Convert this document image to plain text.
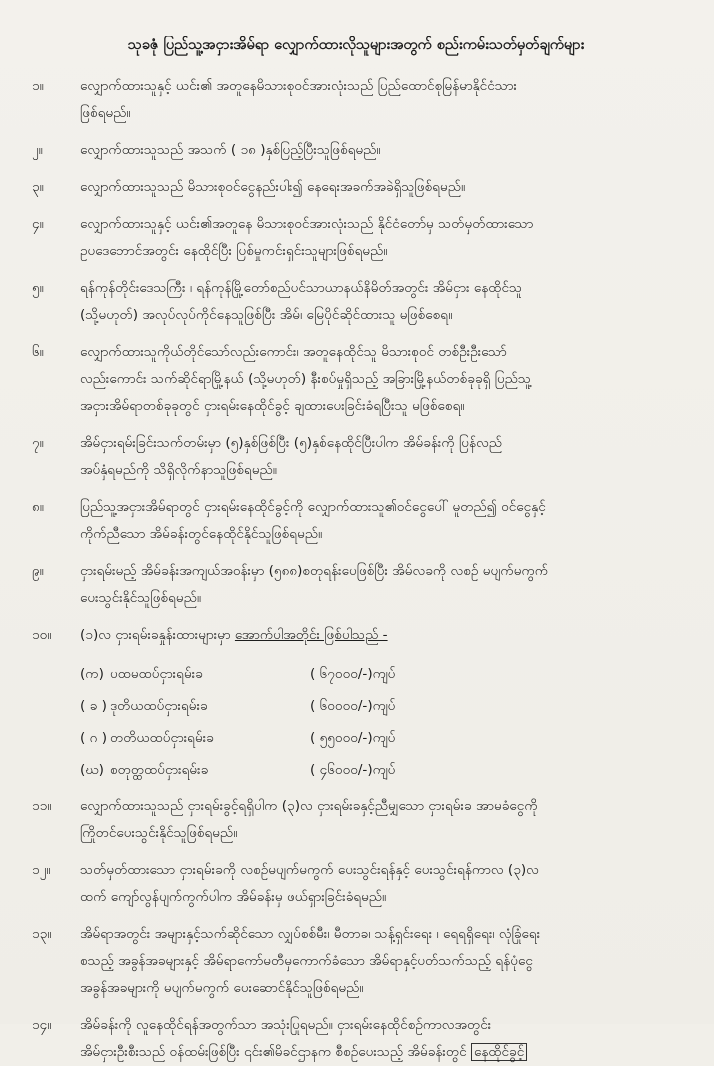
သုခဇုံ ပြည်သူ့အငှားအိမ်ရာ လျှောက်ထားလိုသူများအတွက် စည်းကမ်းသတ်မှတ်ချက်များ
၁။	လျှောက်ထားသူနှင့် ယင်း၏ အတူနေမိသားစုဝင်အားလုံးသည် ပြည်ထောင်စုမြန်မာနိုင်ငံသား
ဖြစ်ရမည်။
၂။	လျှောက်ထားသူသည် အသက် ( ၁၈ )နှစ်ပြည့်ပြီးသူဖြစ်ရမည်။
၃။	လျှောက်ထားသူသည် မိသားစုဝင်ငွေနည်းပါး၍ နေရေးအခက်အခဲရှိသူဖြစ်ရမည်။
၄။	လျှောက်ထားသူနှင့် ယင်း၏အတူနေ မိသားစုဝင်အားလုံးသည် နိုင်ငံတော်မှ သတ်မှတ်ထားသော
ဥပဒေဘောင်အတွင်း နေထိုင်ပြီး ပြစ်မှုကင်းရှင်းသူများဖြစ်ရမည်။
၅။	ရန်ကုန်တိုင်းဒေသကြီး ၊ ရန်ကုန်မြို့တော်စည်ပင်သာယာနယ်နိမိတ်အတွင်း အိမ်ငှား နေထိုင်သူ
(သို့မဟုတ်) အလုပ်လုပ်ကိုင်နေသူဖြစ်ပြီး အိမ်၊ မြေပိုင်ဆိုင်ထားသူ မဖြစ်စေရ။
၆။	လျှောက်ထားသူကိုယ်တိုင်သော်လည်းကောင်း၊ အတူနေထိုင်သူ မိသားစုဝင် တစ်ဦးဦးသော်
လည်းကောင်း သက်ဆိုင်ရာမြို့နယ် (သို့မဟုတ်) နီးစပ်မှုရှိသည့် အခြားမြို့နယ်တစ်ခုခုရှိ ပြည်သူ့
အငှားအိမ်ရာတစ်ခုခုတွင် ငှားရမ်းနေထိုင်ခွင့် ချထားပေးခြင်းခံရပြီးသူ မဖြစ်စေရ။
၇။	အိမ်ငှားရမ်းခြင်းသက်တမ်းမှာ (၅)နှစ်ဖြစ်ပြီး (၅)နှစ်နေထိုင်ပြီးပါက အိမ်ခန်းကို ပြန်လည်
အပ်နှံရမည်ကို သိရှိလိုက်နာသူဖြစ်ရမည်။
၈။	ပြည်သူ့အငှားအိမ်ရာတွင် ငှားရမ်းနေထိုင်ခွင့်ကို လျှောက်ထားသူ၏ဝင်ငွေပေါ် မူတည်၍ ဝင်ငွေနှင့်
ကိုက်ညီသော အိမ်ခန်းတွင်နေထိုင်နိုင်သူဖြစ်ရမည်။
၉။	ငှားရမ်းမည့် အိမ်ခန်းအကျယ်အဝန်းမှာ (၅၈၈)စတုရန်းပေဖြစ်ပြီး အိမ်လခကို လစဉ် မပျက်မကွက်
ပေးသွင်းနိုင်သူဖြစ်ရမည်။
၁၀။	(၁)လ ငှားရမ်းခနှုန်းထားများမှာ အောက်ပါအတိုင်း ဖြစ်ပါသည် -
(က) ပထမထပ်ငှားရမ်းခ	( ၆၇၀၀၀/-) ကျပ်
( ခ ) ဒုတိယထပ်ငှားရမ်းခ	( ၆၀၀၀၀/-) ကျပ်
( ဂ ) တတိယထပ်ငှားရမ်းခ	( ၅၅၀၀၀/-) ကျပ်
(ဃ) စတုတ္ထထပ်ငှားရမ်းခ	( ၄၆၀၀၀/-) ကျပ်
၁၁။	လျှောက်ထားသူသည် ငှားရမ်းခွင့်ရရှိပါက (၃)လ ငှားရမ်းခနှင့်ညီမျှသော ငှားရမ်းခ အာမခံငွေကို
ကြိုတင်ပေးသွင်းနိုင်သူဖြစ်ရမည်။
၁၂။	သတ်မှတ်ထားသော ငှားရမ်းခကို လစဉ်မပျက်မကွက် ပေးသွင်းရန်နှင့် ပေးသွင်းရန်ကာလ (၃)လ
ထက် ကျော်လွန်ပျက်ကွက်ပါက အိမ်ခန်းမှ ဖယ်ရှားခြင်းခံရမည်။
၁၃။	အိမ်ရာအတွင်း အများနှင့်သက်ဆိုင်သော လျှပ်စစ်မီး၊ မီတာခ၊ သန့်ရှင်းရေး ၊ ရေရရှိရေး၊ လုံခြုံရေး
စသည့် အခွန်အခများနှင့် အိမ်ရာကော်မတီမှကောက်ခံသော အိမ်ရာနှင့်ပတ်သက်သည့် ရန်ပုံငွေ
အခွန်အခများကို မပျက်မကွက် ပေးဆောင်နိုင်သူဖြစ်ရမည်။
၁၄။	အိမ်ခန်းကို လူနေထိုင်ရန်အတွက်သာ အသုံးပြုရမည်။ ငှားရမ်းနေထိုင်စဉ်ကာလအတွင်း
အိမ်ငှားဦးစီးသည် ဝန်ထမ်းဖြစ်ပြီး ၎င်း၏မိခင်ဌာနက စီစဉ်ပေးသည့် အိမ်ခန်းတွင် နေထိုင်ခွင့်
